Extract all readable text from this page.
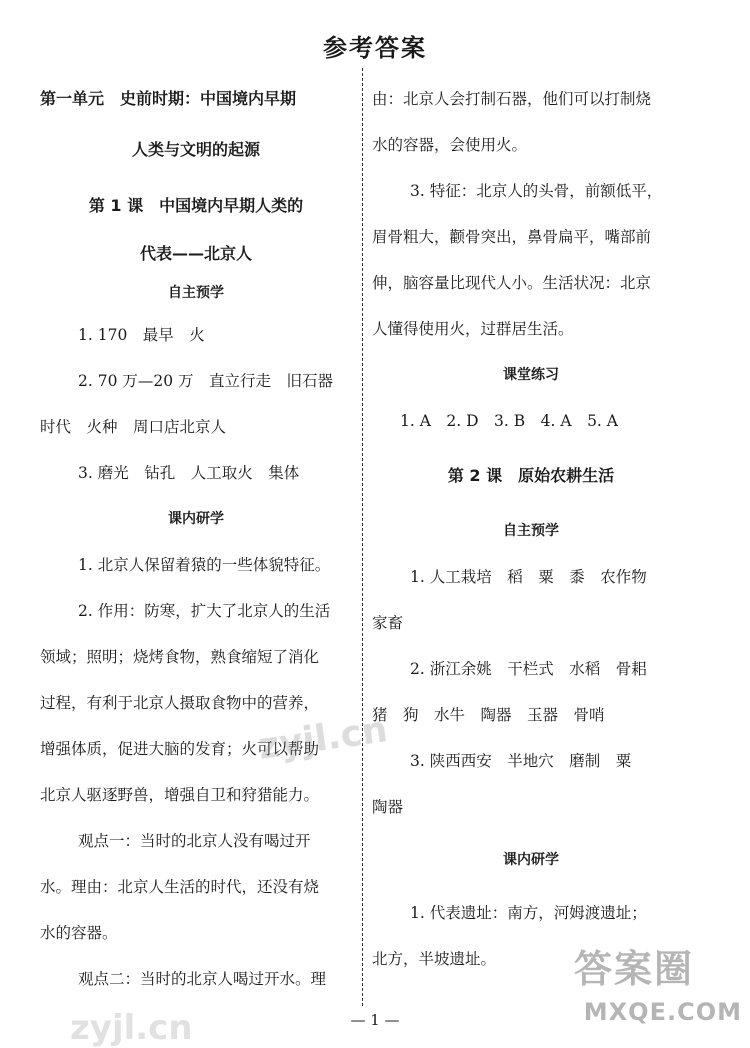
参考答案
第一单元　史前时期：中国境内早期
人类与文明的起源
第 1 课　中国境内早期人类的
代表——北京人
自主预学
1. 170　最早　火
2. 70 万—20 万　直立行走　旧石器
时代　火种　周口店北京人
3. 磨光　钻孔　人工取火　集体
课内研学
1. 北京人保留着猿的一些体貌特征。
2. 作用：防寒，扩大了北京人的生活
领域；照明；烧烤食物，熟食缩短了消化
过程，有利于北京人摄取食物中的营养，
增强体质，促进大脑的发育；火可以帮助
北京人驱逐野兽，增强自卫和狩猎能力。
观点一：当时的北京人没有喝过开
水。理由：北京人生活的时代，还没有烧
水的容器。
观点二：当时的北京人喝过开水。理
由：北京人会打制石器，他们可以打制烧
水的容器，会使用火。
3. 特征：北京人的头骨，前额低平，
眉骨粗大，颧骨突出，鼻骨扁平，嘴部前
伸，脑容量比现代人小。生活状况：北京
人懂得使用火，过群居生活。
课堂练习
1. A　2. D　3. B　4. A　5. A
第 2 课　原始农耕生活
自主预学
1. 人工栽培　稻　粟　黍　农作物
家畜
2. 浙江余姚　干栏式　水稻　骨耜
猪　狗　水牛　陶器　玉器　骨哨
3. 陕西西安　半地穴　磨制　粟
陶器
课内研学
1. 代表遗址：南方，河姆渡遗址；
北方，半坡遗址。
zyjl.cn
zyjl.cn
答案圈
MXQE.COM
— 1 —
